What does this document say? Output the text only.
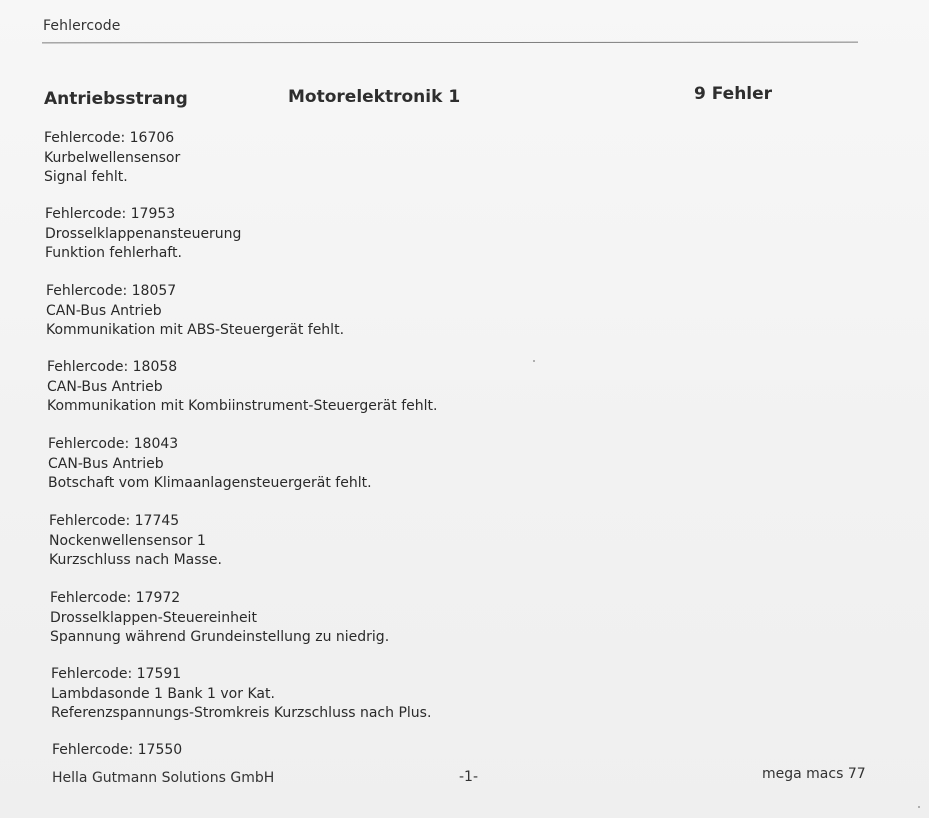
Fehlercode
Antriebsstrang	Motorelektronik 1	9 Fehler
Fehlercode: 16706
Kurbelwellensensor
Signal fehlt.
Fehlercode: 17953
Drosselklappenansteuerung
Funktion fehlerhaft.
Fehlercode: 18057
CAN-Bus Antrieb
Kommunikation mit ABS-Steuergerät fehlt.
Fehlercode: 18058
CAN-Bus Antrieb
Kommunikation mit Kombiinstrument-Steuergerät fehlt.
Fehlercode: 18043
CAN-Bus Antrieb
Botschaft vom Klimaanlagensteuergerät fehlt.
Fehlercode: 17745
Nockenwellensensor 1
Kurzschluss nach Masse.
Fehlercode: 17972
Drosselklappen-Steuereinheit
Spannung während Grundeinstellung zu niedrig.
Fehlercode: 17591
Lambdasonde 1 Bank 1 vor Kat.
Referenzspannungs-Stromkreis Kurzschluss nach Plus.
Fehlercode: 17550
Hella Gutmann Solutions GmbH	-1-	mega macs 77
